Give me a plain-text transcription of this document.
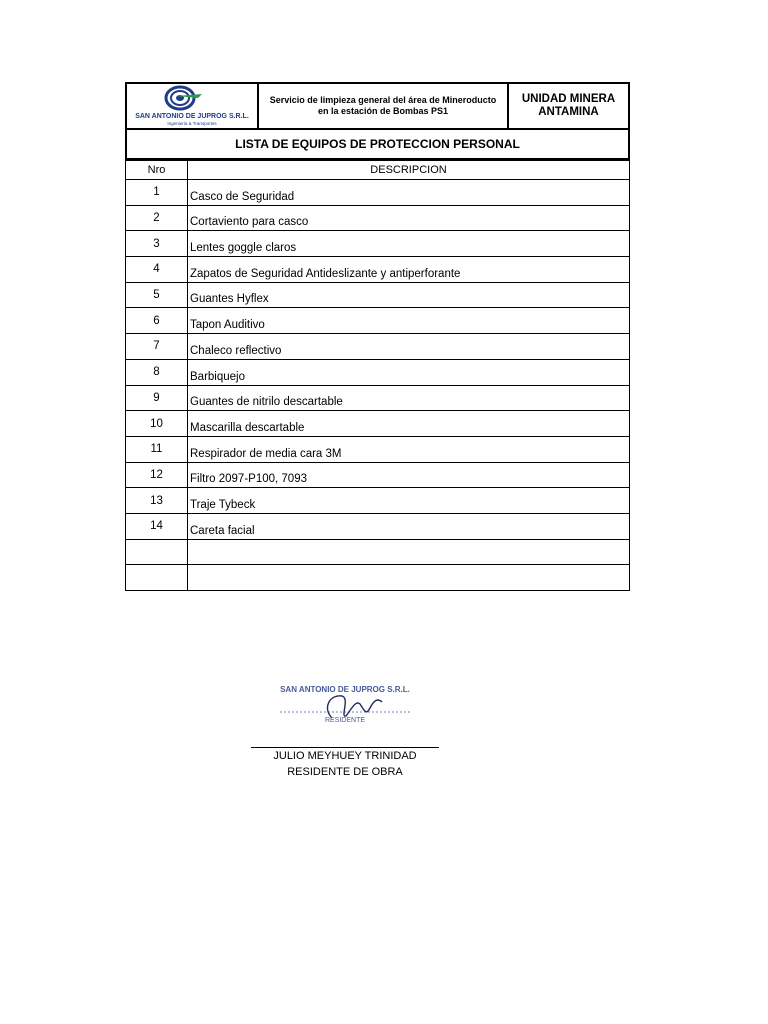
SAN ANTONIO DE JUPROG S.R.L.
Ingeniería & Transportes
Servicio de limpieza general del área de Mineroducto
en la estación de Bombas PS1
UNIDAD MINERA
ANTAMINA
LISTA DE EQUIPOS DE PROTECCION PERSONAL
Nro	DESCRIPCION
1	Casco de Seguridad
2	Cortaviento para casco
3	Lentes goggle claros
4	Zapatos de Seguridad Antideslizante y antiperforante
5	Guantes Hyflex
6	Tapon Auditivo
7	Chaleco reflectivo
8	Barbiquejo
9	Guantes de nitrilo descartable
10	Mascarilla descartable
11	Respirador de media cara 3M
12	Filtro 2097-P100, 7093
13	Traje Tybeck
14	Careta facial

SAN ANTONIO DE JUPROG S.R.L.
RESIDENTE
JULIO MEYHUEY TRINIDAD
RESIDENTE DE OBRA
